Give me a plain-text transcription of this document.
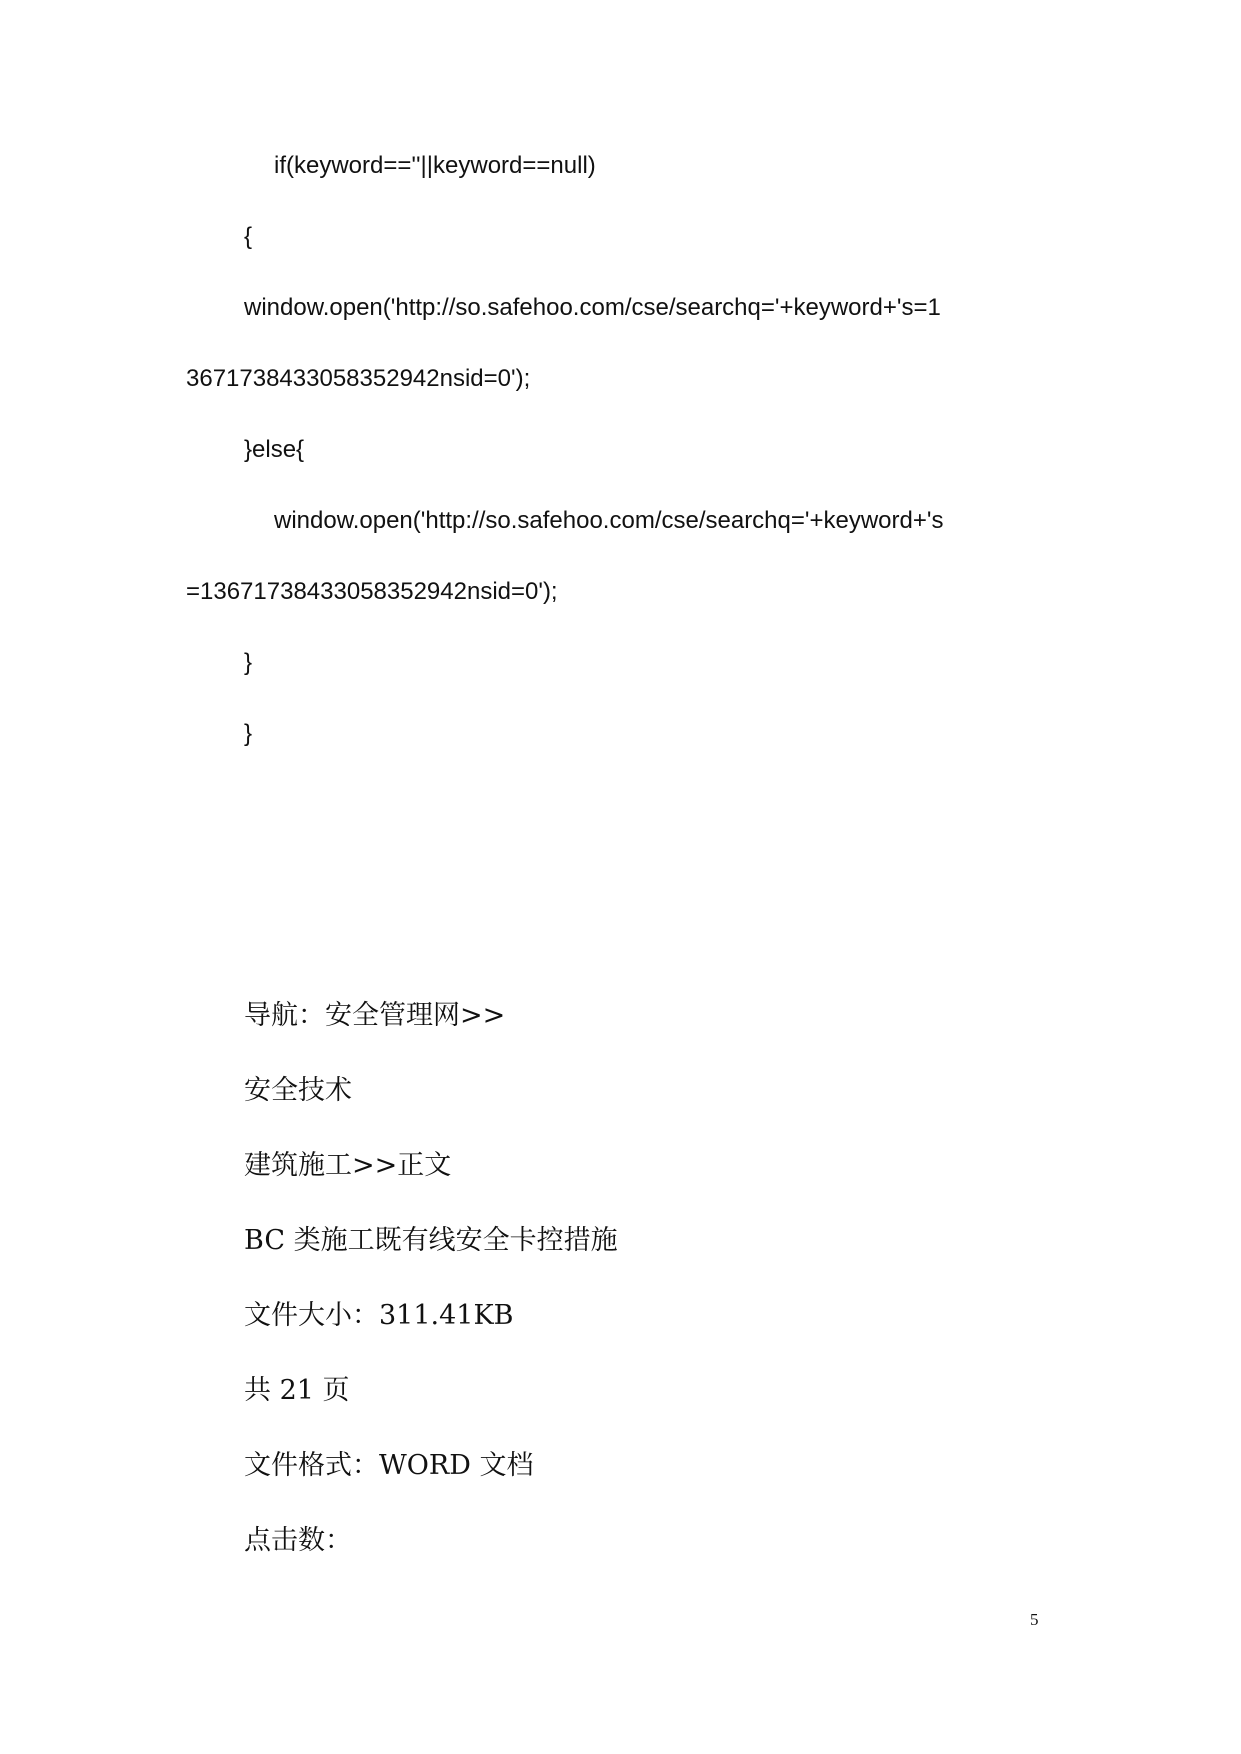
if(keyword==''||keyword==null)

{

window.open('http://so.safehoo.com/cse/searchq='+keyword+'s=1

3671738433058352942nsid=0');

}else{

window.open('http://so.safehoo.com/cse/searchq='+keyword+'s

=13671738433058352942nsid=0');

}

}

导航：安全管理网>>

安全技术

建筑施工>>正文

BC 类施工既有线安全卡控措施

文件大小：311.41KB

共 21 页

文件格式：WORD 文档

点击数：

5
